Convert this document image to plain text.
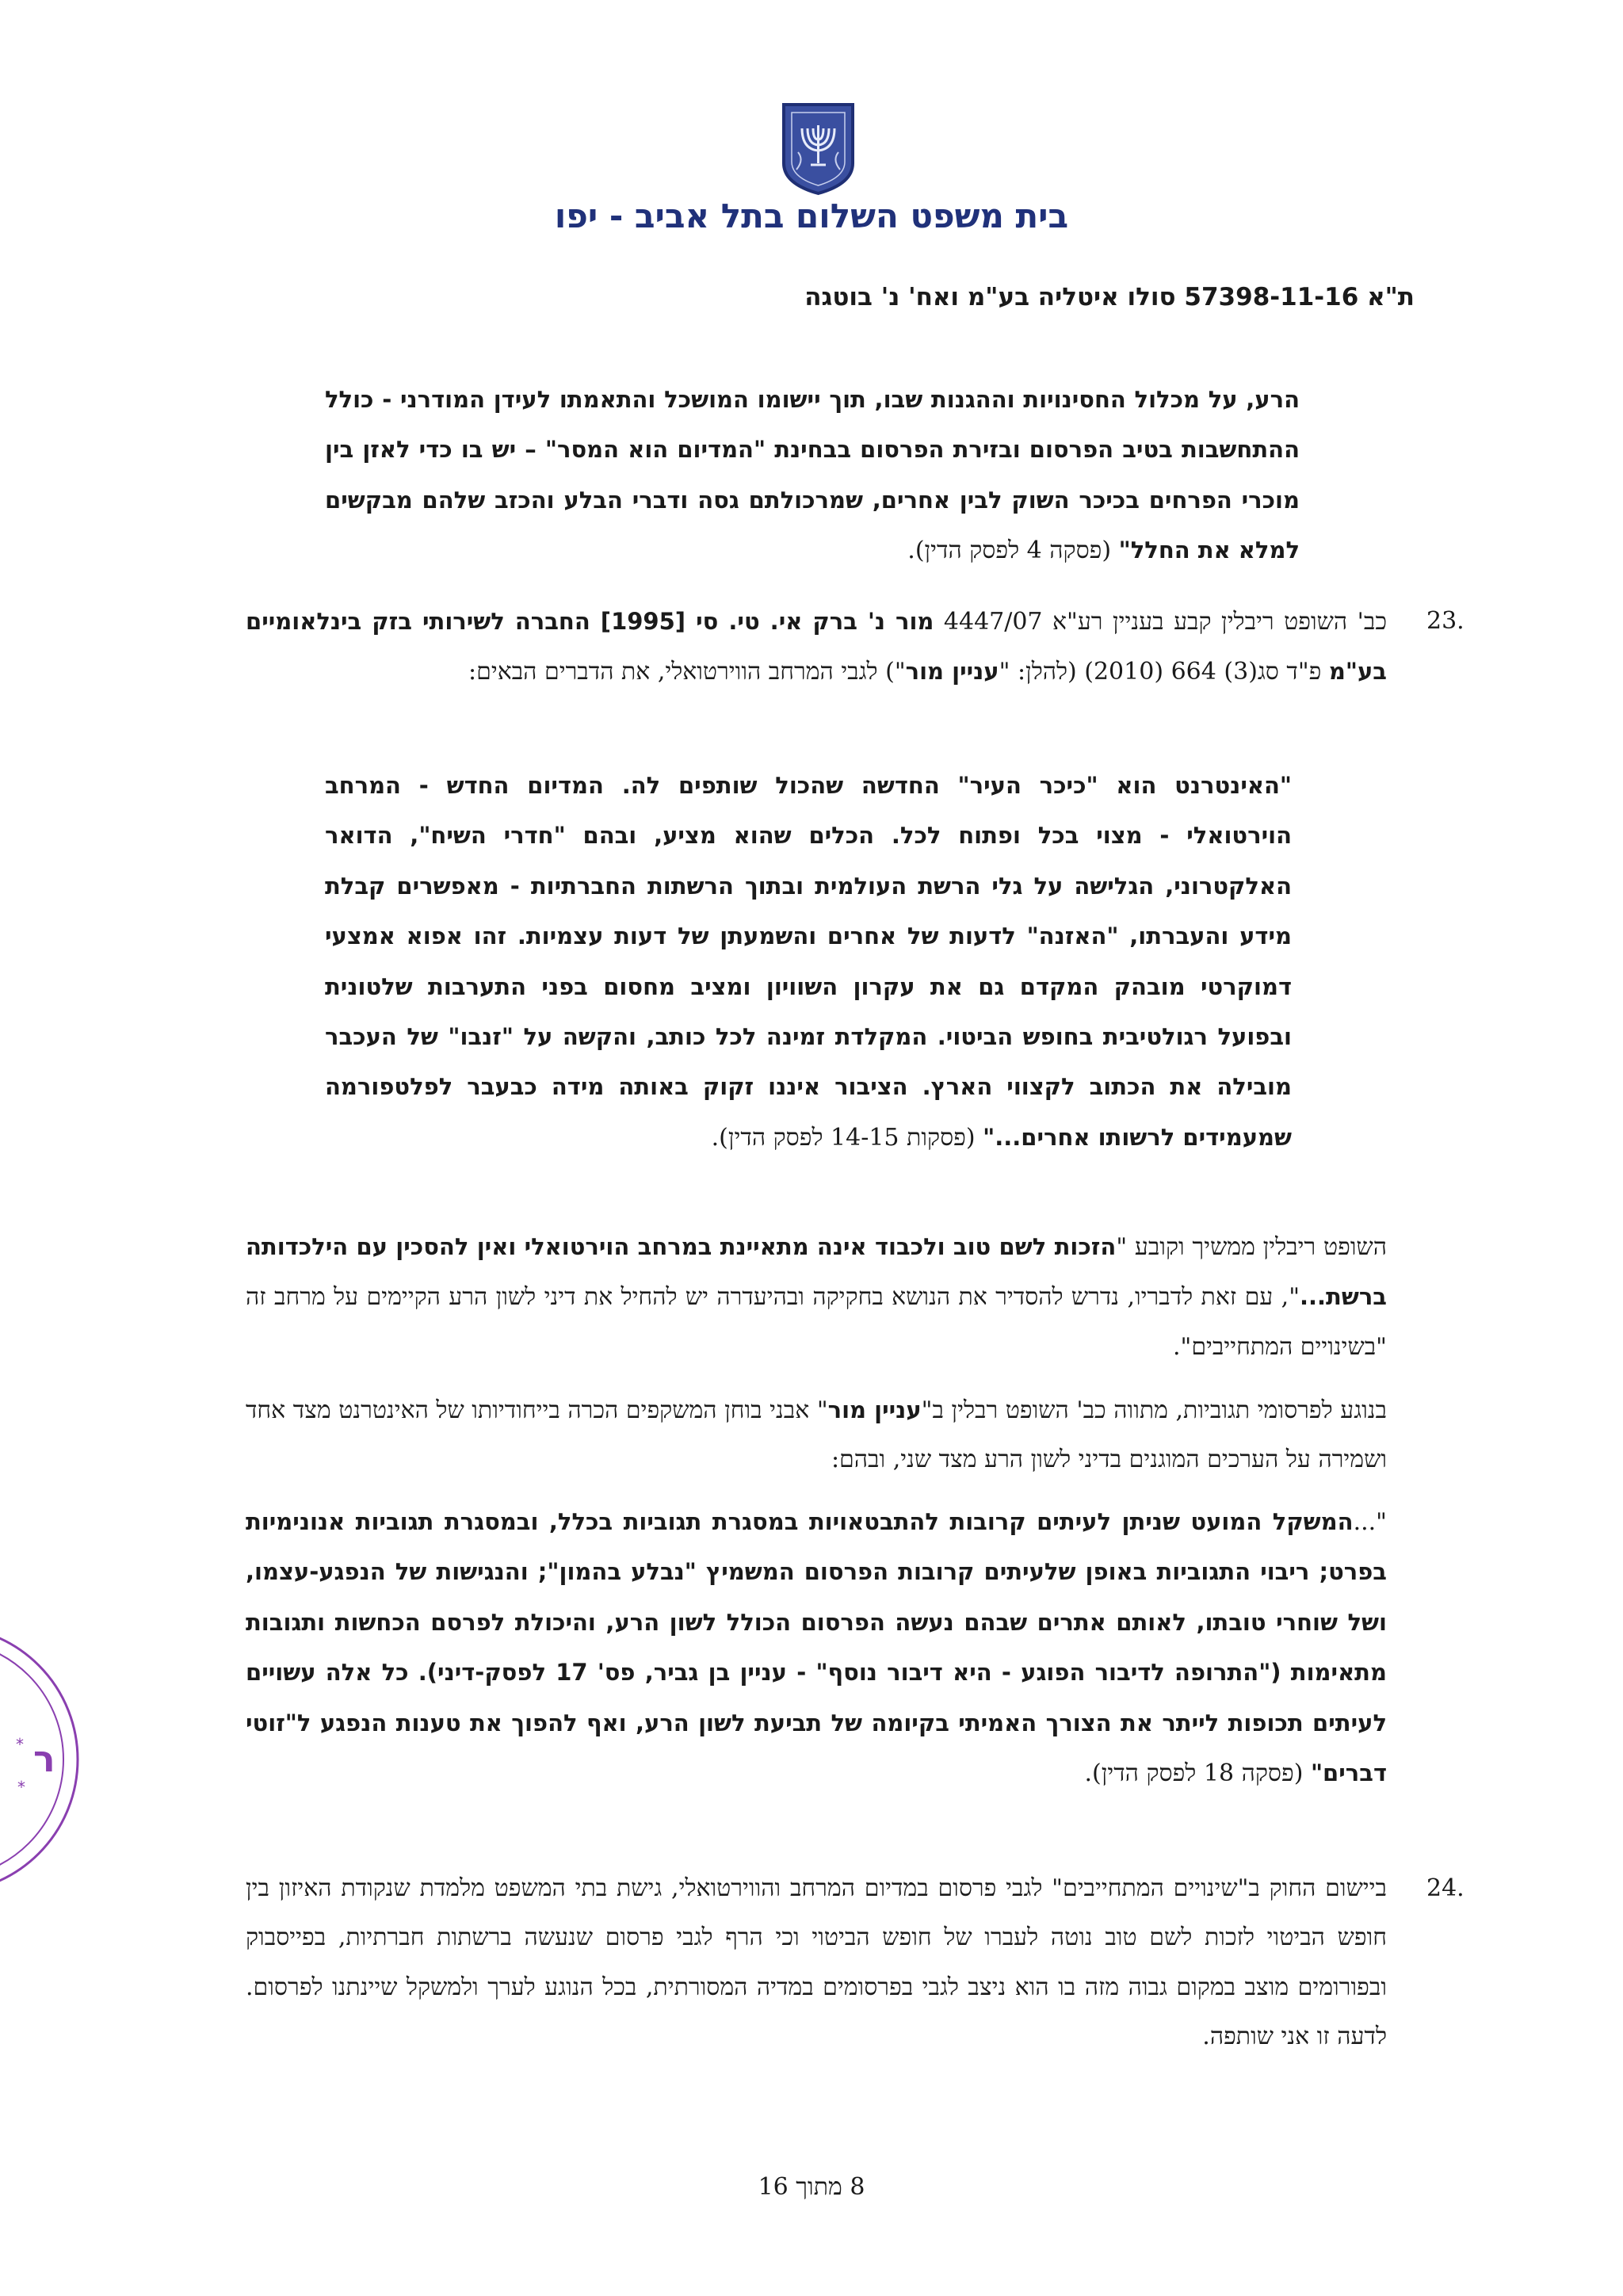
בית משפט השלום בתל אביב - יפו
ת"א 57398-11-16 סולו איטליה בע"מ ואח' נ' בוטגה

הרע, על מכלול החסינויות וההגנות שבו, תוך יישומו המושכל והתאמתו לעידן המודרני - כולל ההתחשבות בטיב הפרסום ובזירת הפרסום בבחינת "המדיום הוא המסר" – יש בו כדי לאזן בין מוכרי הפרחים בכיכר השוק לבין אחרים, שמרכולתם גסה ודברי הבלע והכזב שלהם מבקשים למלא את החלל" (פסקה 4 לפסק הדין).

23.

כב' השופט ריבלין קבע בעניין רע"א 4447/07 מור נ' ברק אי. טי. סי [1995] החברה לשירותי בזק בינלאומיים בע"מ פ"ד סג(3) 664 (2010) (להלן: "עניין מור") לגבי המרחב הווירטואלי, את הדברים הבאים:

"האינטרנט הוא "כיכר העיר" החדשה שהכול שותפים לה. המדיום החדש - המרחב הוירטואלי - מצוי בכל ופתוח לכל. הכלים שהוא מציע, ובהם "חדרי השיח", הדואר האלקטרוני, הגלישה על גלי הרשת העולמית ובתוך הרשתות החברתיות - מאפשרים קבלת מידע והעברתו, "האזנה" לדעות של אחרים והשמעתן של דעות עצמיות. זהו אפוא אמצעי דמוקרטי מובהק המקדם גם את עקרון השוויון ומציב מחסום בפני התערבות שלטונית ובפועל רגולטיבית בחופש הביטוי. המקלדת זמינה לכל כותב, והקשה על "זנבו" של העכבר מובילה את הכתוב לקצווי הארץ. הציבור איננו זקוק באותה מידה כבעבר לפלטפורמה שמעמידים לרשותו אחרים..." (פסקות 14-15 לפסק הדין).

השופט ריבלין ממשיך וקובע "הזכות לשם טוב ולכבוד אינה מתאיינת במרחב הוירטואלי ואין להסכין עם הילכדותה ברשת...", עם זאת לדבריו, נדרש להסדיר את הנושא בחקיקה ובהיעדרה יש להחיל את דיני לשון הרע הקיימים על מרחב זה "בשינויים המתחייבים".

בנוגע לפרסומי תגוביות, מתווה כב' השופט רבלין ב"עניין מור" אבני בוחן המשקפים הכרה בייחודיותו של האינטרנט מצד אחד ושמירה על הערכים המוגנים בדיני לשון הרע מצד שני, ובהם:

"...המשקל המועט שניתן לעיתים קרובות להתבטאויות במסגרת תגוביות בכלל, ובמסגרת תגוביות אנונימיות בפרט; ריבוי התגוביות באופן שלעיתים קרובות הפרסום המשמיץ "נבלע בהמון"; והנגישות של הנפגע-עצמו, ושל שוחרי טובתו, לאותם אתרים שבהם נעשה הפרסום הכולל לשון הרע, והיכולת לפרסם הכחשות ותגובות מתאימות ("התרופה לדיבור הפוגע - היא דיבור נוסף" - עניין בן גביר, פס' 17 לפסק-דיני). כל אלה עשויים לעיתים תכופות לייתר את הצורך האמיתי בקיומה של תביעת לשון הרע, ואף להפוך את טענות הנפגע ל"זוטי דברים" (פסקה 18 לפסק הדין).

24.

ביישום החוק ב"שינויים המתחייבים" לגבי פרסום במדיום המרחב והווירטואלי, גישת בתי המשפט מלמדת שנקודת האיזון בין חופש הביטוי לזכות לשם טוב נוטה לעברו של חופש הביטוי וכי הרף לגבי פרסום שנעשה ברשתות חברתיות, בפייסבוק ובפורומים מוצב במקום גבוה מזה בו הוא ניצב לגבי בפרסומים במדיה המסורתית, בכל הנוגע לערך ולמשקל שיינתנו לפרסום. לדעה זו אני שותפה.

*
*
ר
8 מתוך 16
